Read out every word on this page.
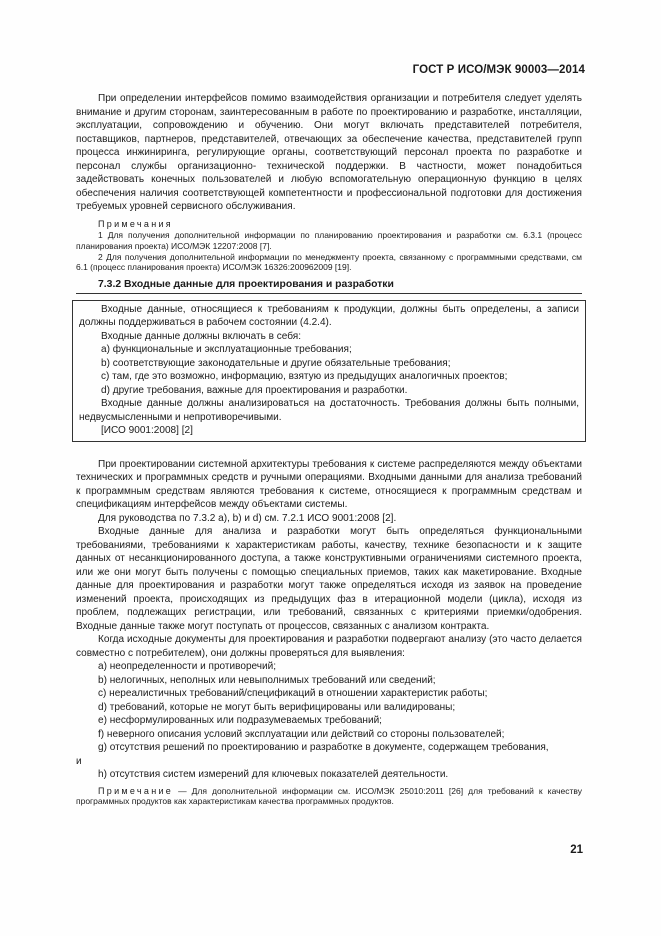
ГОСТ Р ИСО/МЭК 90003—2014

При определении интерфейсов помимо взаимодействия организации и потребителя следует уделять внимание и другим сторонам, заинтересованным в работе по проектированию и разработке, инсталляции, эксплуатации, сопровождению и обучению. Они могут включать представителей потребителя, поставщиков, партнеров, представителей, отвечающих за обеспечение качества, представителей групп процесса инжиниринга, регулирующие органы, соответствующий персонал проекта по разработке и персонал службы организационно- технической поддержки. В частности, может понадобиться задействовать конечных пользователей и любую вспомогательную операционную функцию в целях обеспечения наличия соответствующей компетентности и профессиональной подготовки для достижения требуемых уровней сервисного обслуживания.

Примечания

1 Для получения дополнительной информации по планированию проектирования и разработки см. 6.3.1 (процесс планирования проекта) ИСО/МЭК 12207:2008 [7].

2 Для получения дополнительной информации по менеджменту проекта, связанному с программными средствами, см 6.1 (процесс планирования проекта) ИСО/МЭК 16326:200962009 [19].

7.3.2 Входные данные для проектирования и разработки

Входные данные, относящиеся к требованиям к продукции, должны быть определены, а записи должны поддерживаться в рабочем состоянии (4.2.4).

Входные данные должны включать в себя:

a) функциональные и эксплуатационные требования;

b) соответствующие законодательные и другие обязательные требования;

c) там, где это возможно, информацию, взятую из предыдущих аналогичных проектов;

d) другие требования, важные для проектирования и разработки.

Входные данные должны анализироваться на достаточность. Требования должны быть полными, недвусмысленными и непротиворечивыми.

[ИСО 9001:2008] [2]

При проектировании системной архитектуры требования к системе распределяются между объектами технических и программных средств и ручными операциями. Входными данными для анализа требований к программным средствам являются требования к системе, относящиеся к программным средствам и спецификациям интерфейсов между объектами системы.

Для руководства по 7.3.2 a), b) и d) см. 7.2.1 ИСО 9001:2008 [2].

Входные данные для анализа и разработки могут быть определяться функциональными требованиями, требованиями к характеристикам работы, качеству, технике безопасности и к защите данных от несанкционированного доступа, а также конструктивными ограничениями системного проекта, или же они могут быть получены с помощью специальных приемов, таких как макетирование. Входные данные для проектирования и разработки могут также определяться исходя из заявок на проведение изменений проекта, происходящих из предыдущих фаз в итерационной модели (цикла), исходя из проблем, подлежащих регистрации, или требований, связанных с критериями приемки/одобрения. Входные данные также могут поступать от процессов, связанных с анализом контракта.

Когда исходные документы для проектирования и разработки подвергают анализу (это часто делается совместно с потребителем), они должны проверяться для выявления:

a) неопределенности и противоречий;

b) нелогичных, неполных или невыполнимых требований или сведений;

c) нереалистичных требований/спецификаций в отношении характеристик работы;

d) требований, которые не могут быть верифицированы или валидированы;

e) несформулированных или подразумеваемых требований;

f) неверного описания условий эксплуатации или действий со стороны пользователей;

g) отсутствия решений по проектированию и разработке в документе, содержащем требования,

и

h) отсутствия систем измерений для ключевых показателей деятельности.

Примечание — Для дополнительной информации см. ИСО/МЭК 25010:2011 [26] для требований к качеству программных продуктов как характеристикам качества программных продуктов.

21
